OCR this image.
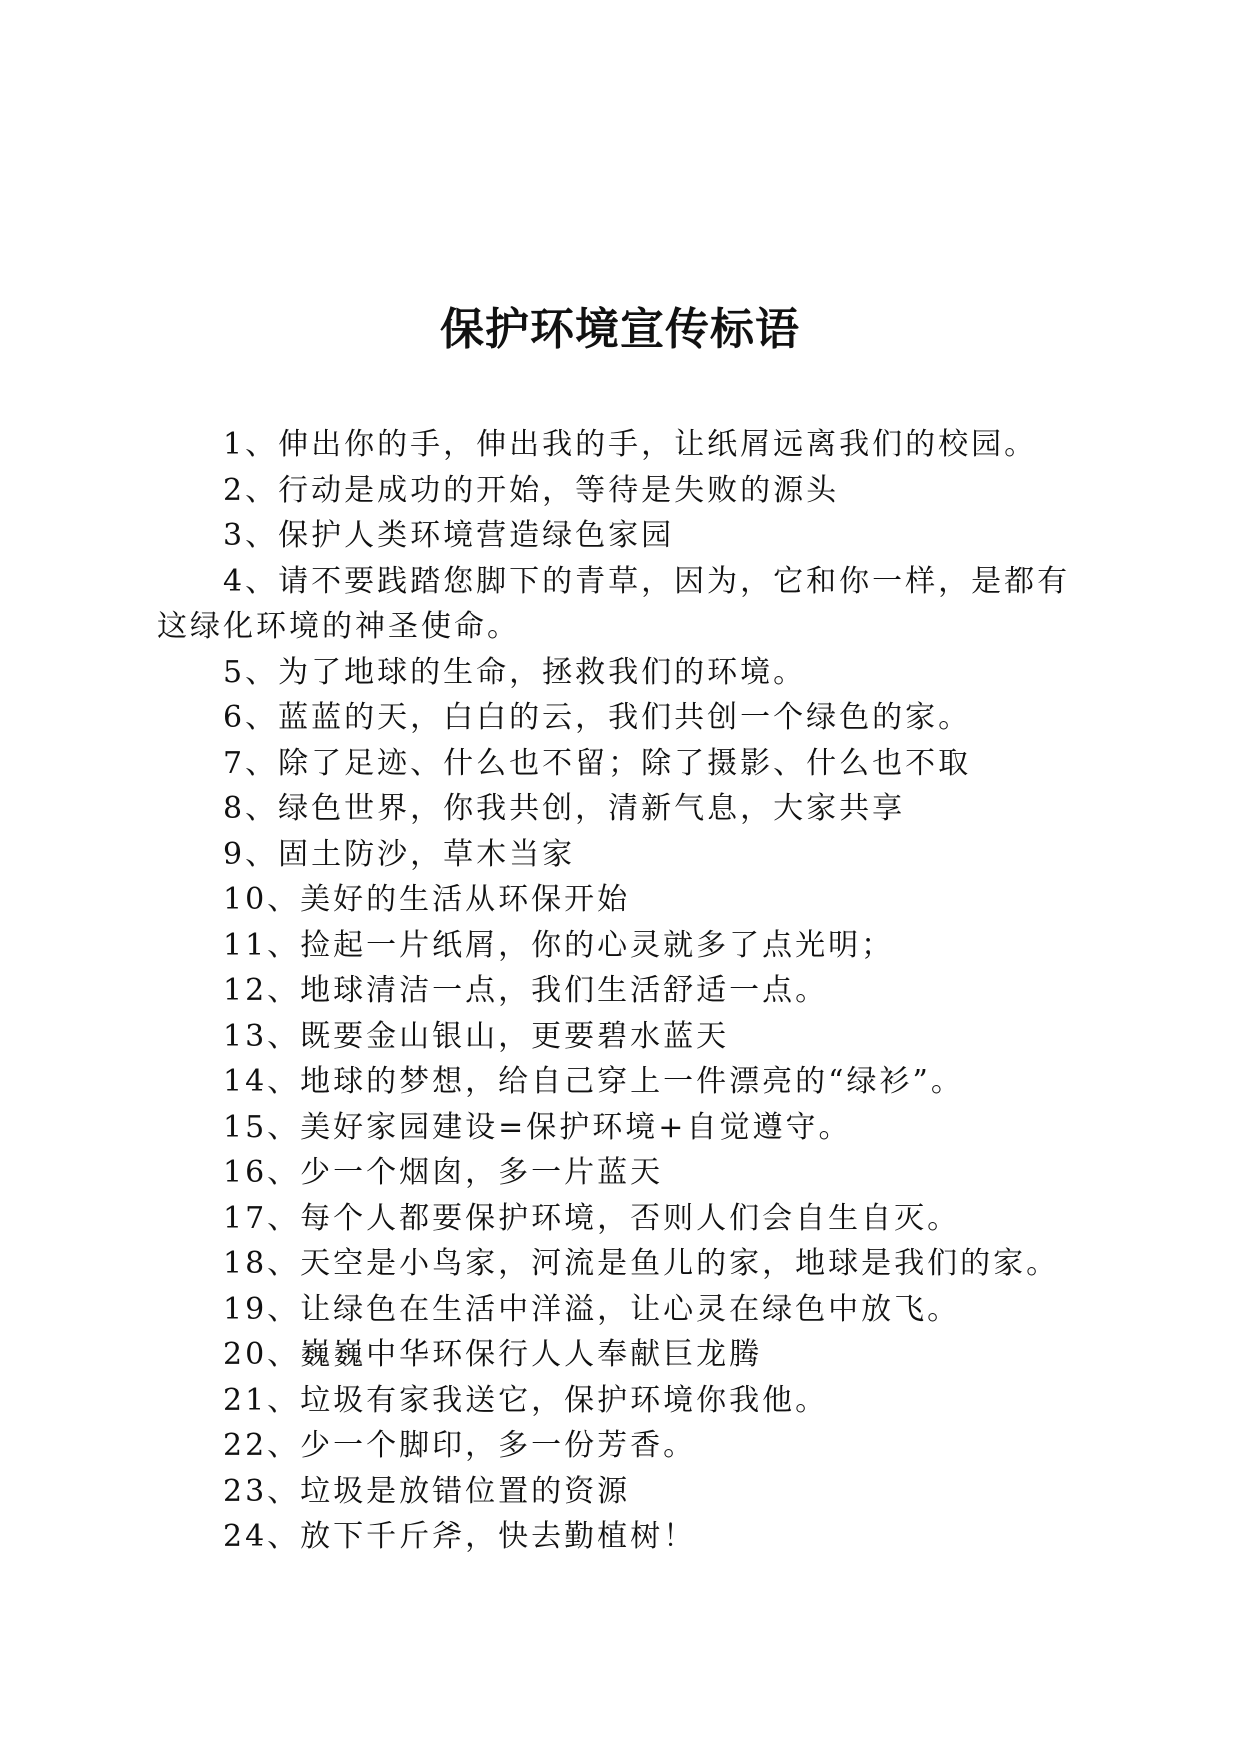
保护环境宣传标语
1、伸出你的手，伸出我的手，让纸屑远离我们的校园。
2、行动是成功的开始，等待是失败的源头
3、保护人类环境营造绿色家园
4、请不要践踏您脚下的青草，因为，它和你一样，是都有这绿化环境的神圣使命。
5、为了地球的生命，拯救我们的环境。
6、蓝蓝的天，白白的云，我们共创一个绿色的家。
7、除了足迹、什么也不留；除了摄影、什么也不取
8、绿色世界，你我共创，清新气息，大家共享
9、固土防沙，草木当家
10、美好的生活从环保开始
11、捡起一片纸屑，你的心灵就多了点光明；
12、地球清洁一点，我们生活舒适一点。
13、既要金山银山，更要碧水蓝天
14、地球的梦想，给自己穿上一件漂亮的“绿衫”。
15、美好家园建设=保护环境+自觉遵守。
16、少一个烟囱，多一片蓝天
17、每个人都要保护环境，否则人们会自生自灭。
18、天空是小鸟家，河流是鱼儿的家，地球是我们的家。
19、让绿色在生活中洋溢，让心灵在绿色中放飞。
20、巍巍中华环保行人人奉献巨龙腾
21、垃圾有家我送它，保护环境你我他。
22、少一个脚印，多一份芳香。
23、垃圾是放错位置的资源
24、放下千斤斧，快去勤植树！
